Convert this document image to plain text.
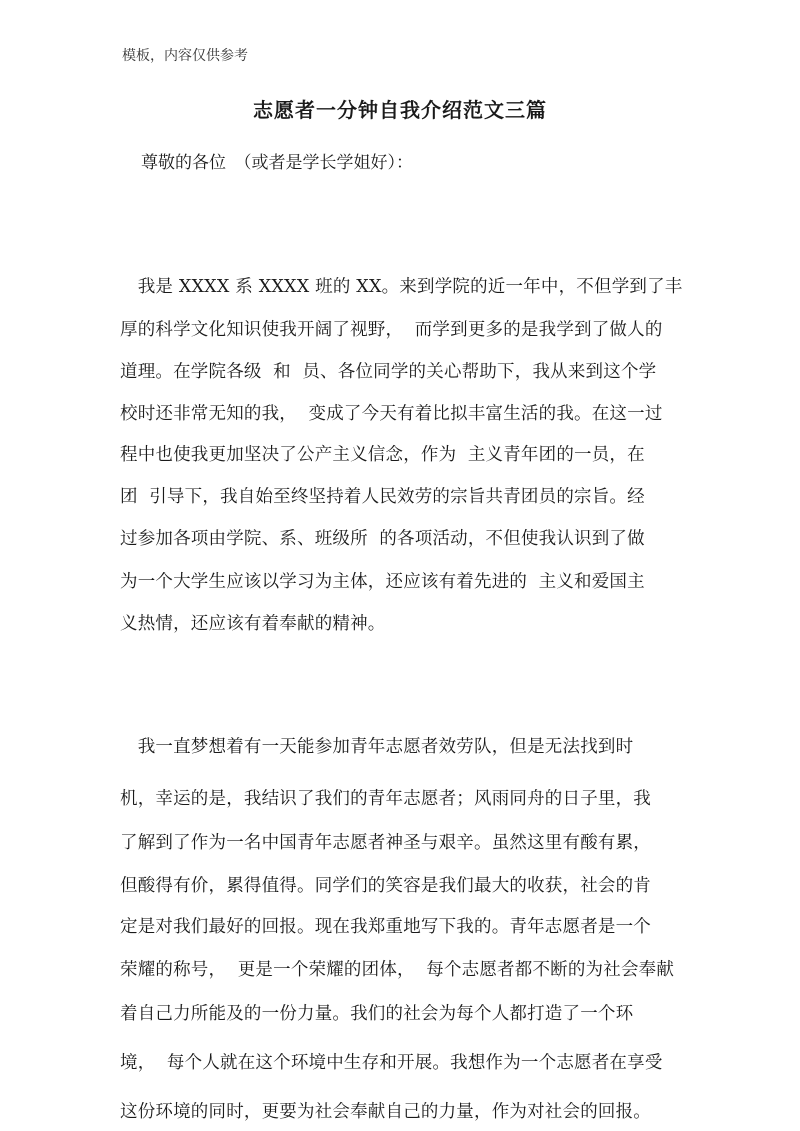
模板，内容仅供参考
志愿者一分钟自我介绍范文三篇
尊敬的各位　（或者是学长学姐好）：
　我是 XXXX 系 XXXX 班的 XX。来到学院的近一年中，不但学到了丰
厚的科学文化知识使我开阔了视野，  而学到更多的是我学到了做人的
道理。在学院各级  和  员、各位同学的关心帮助下，我从来到这个学
校时还非常无知的我，  变成了今天有着比拟丰富生活的我。在这一过
程中也使我更加坚决了公产主义信念，作为  主义青年团的一员，在
团  引导下，我自始至终坚持着人民效劳的宗旨共青团员的宗旨。经
过参加各项由学院、系、班级所  的各项活动，不但使我认识到了做
为一个大学生应该以学习为主体，还应该有着先进的  主义和爱国主
义热情，还应该有着奉献的精神。
　我一直梦想着有一天能参加青年志愿者效劳队，但是无法找到时
机，幸运的是，我结识了我们的青年志愿者；风雨同舟的日子里，我
了解到了作为一名中国青年志愿者神圣与艰辛。虽然这里有酸有累，
但酸得有价，累得值得。同学们的笑容是我们最大的收获，社会的肯
定是对我们最好的回报。现在我郑重地写下我的。青年志愿者是一个
荣耀的称号，  更是一个荣耀的团体，  每个志愿者都不断的为社会奉献
着自己力所能及的一份力量。我们的社会为每个人都打造了一个环
境，  每个人就在这个环境中生存和开展。我想作为一个志愿者在享受
这份环境的同时，更要为社会奉献自己的力量，作为对社会的回报。
